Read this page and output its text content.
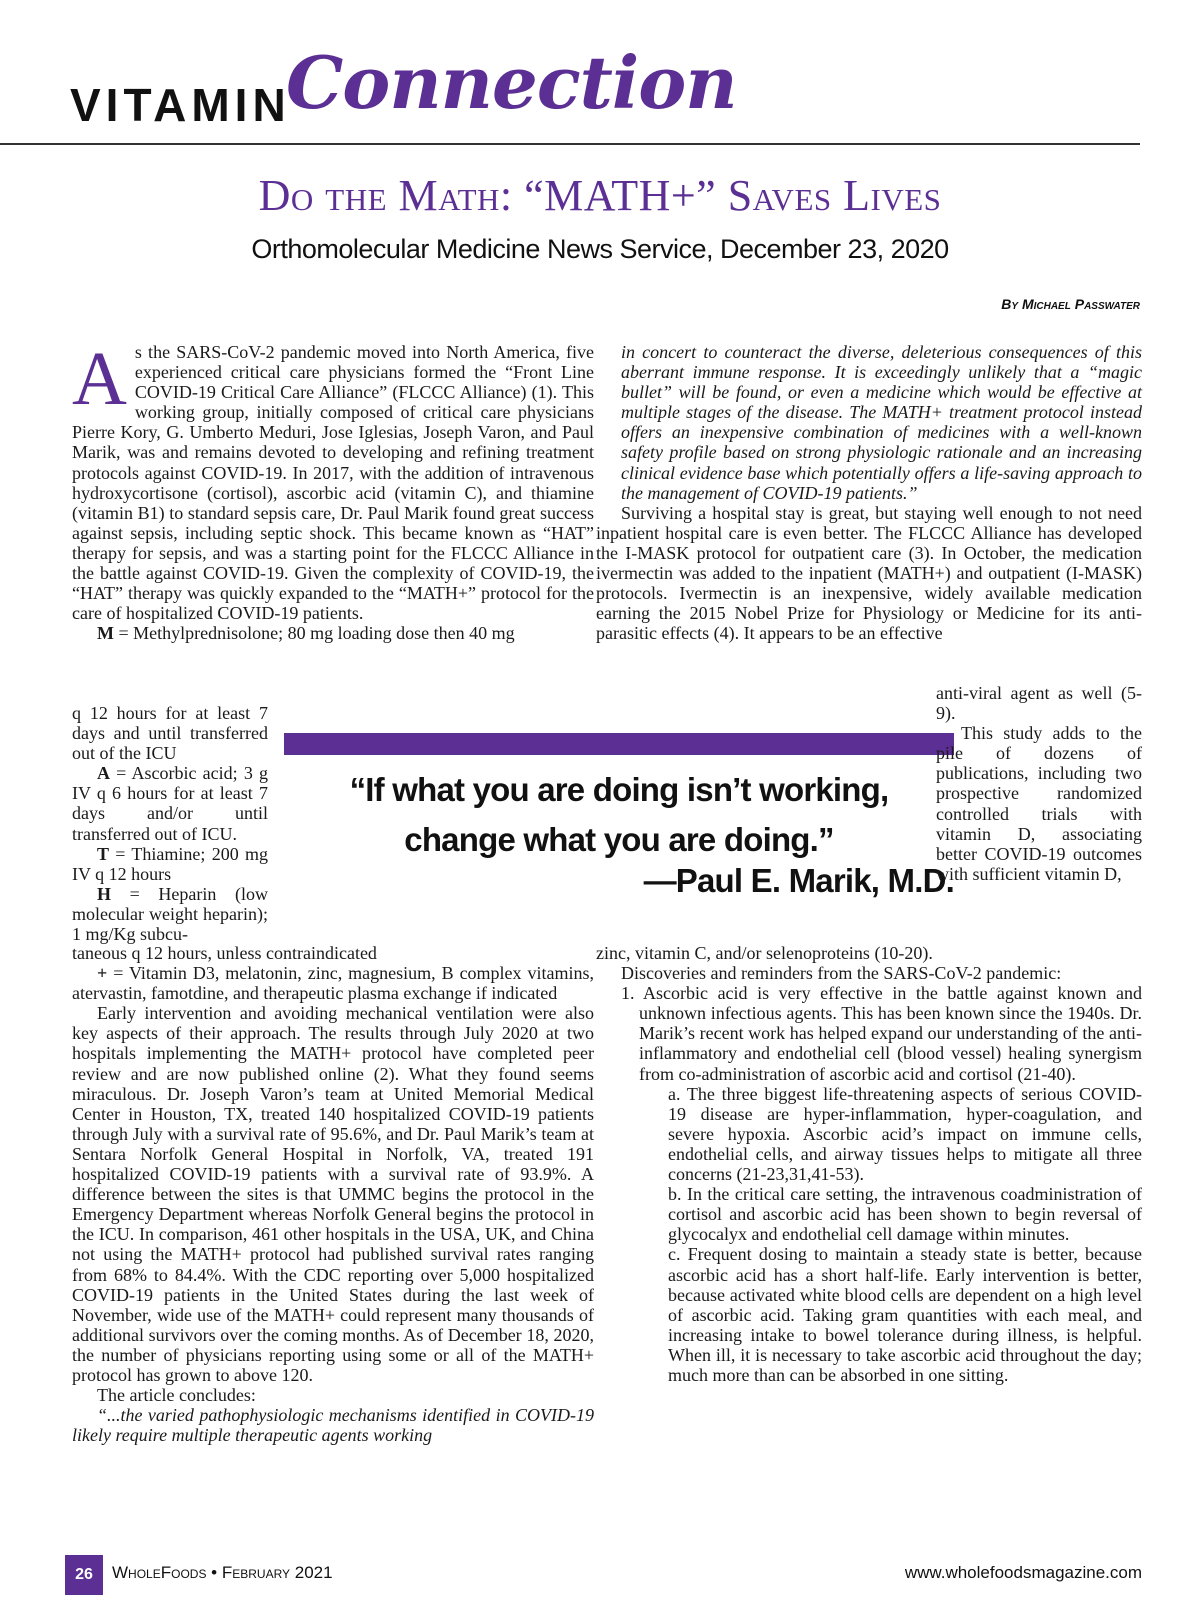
VITAMIN
Connection
Do the Math: “MATH+” Saves Lives
Orthomolecular Medicine News Service, December 23, 2020
By Michael Passwater

As the SARS-CoV-2 pandemic moved into North America, five experienced critical care physicians formed the “Front Line COVID-19 Critical Care Alliance” (FLCCC Alliance) (1). This working group, initially composed of critical care physicians Pierre Kory, G. Umberto Meduri, Jose Iglesias, Joseph Varon, and Paul Marik, was and remains devoted to developing and refining treatment protocols against COVID-19. In 2017, with the addition of intravenous hydroxycortisone (cortisol), ascorbic acid (vitamin C), and thiamine (vitamin B1) to standard sepsis care, Dr. Paul Marik found great success against sepsis, including septic shock. This became known as “HAT” therapy for sepsis, and was a starting point for the FLCCC Alliance in the battle against COVID-19. Given the complexity of COVID-19, the “HAT” therapy was quickly expanded to the “MATH+” protocol for the care of hospitalized COVID-19 patients.

M = Methylprednisolone; 80 mg loading dose then 40 mg

q 12 hours for at least 7 days and until transferred out of the ICU

A = Ascorbic acid; 3 g IV q 6 hours for at least 7 days and/or until transferred out of ICU.

T = Thiamine; 200 mg IV q 12 hours

H = Heparin (low molecular weight heparin); 1 mg/Kg subcu-

“If what you are doing isn’t working,
change what you are doing.”
—Paul E. Marik, M.D.

taneous q 12 hours, unless contraindicated

+ = Vitamin D3, melatonin, zinc, magnesium, B complex vitamins, atervastin, famotdine, and therapeutic plasma exchange if indicated

Early intervention and avoiding mechanical ventilation were also key aspects of their approach. The results through July 2020 at two hospitals implementing the MATH+ protocol have completed peer review and are now published online (2). What they found seems miraculous. Dr. Joseph Varon’s team at United Memorial Medical Center in Houston, TX, treated 140 hospitalized COVID-19 patients through July with a survival rate of 95.6%, and Dr. Paul Marik’s team at Sentara Norfolk General Hospital in Norfolk, VA, treated 191 hospitalized COVID-19 patients with a survival rate of 93.9%. A difference between the sites is that UMMC begins the protocol in the Emergency Department whereas Norfolk General begins the protocol in the ICU. In comparison, 461 other hospitals in the USA, UK, and China not using the MATH+ protocol had published survival rates ranging from 68% to 84.4%. With the CDC reporting over 5,000 hospitalized COVID-19 patients in the United States during the last week of November, wide use of the MATH+ could represent many thousands of additional survivors over the coming months. As of December 18, 2020, the number of physicians reporting using some or all of the MATH+ protocol has grown to above 120.

The article concludes:

“...the varied pathophysiologic mechanisms identified in COVID-19 likely require multiple therapeutic agents working

in concert to counteract the diverse, deleterious consequences of this aberrant immune response. It is exceedingly unlikely that a “magic bullet” will be found, or even a medicine which would be effective at multiple stages of the disease. The MATH+ treatment protocol instead offers an inexpensive combination of medicines with a well-known safety profile based on strong physiologic rationale and an increasing clinical evidence base which potentially offers a life-saving approach to the management of COVID-19 patients.”

Surviving a hospital stay is great, but staying well enough to not need inpatient hospital care is even better. The FLCCC Alliance has developed the I-MASK protocol for outpatient care (3). In October, the medication ivermectin was added to the inpatient (MATH+) and outpatient (I-MASK) protocols. Ivermectin is an inexpensive, widely available medication earning the 2015 Nobel Prize for Physiology or Medicine for its anti-parasitic effects (4). It appears to be an effective

anti-viral agent as well (5-9).

This study adds to the pile of dozens of publications, including two prospective randomized controlled trials with vitamin D, associating better COVID-19 outcomes with sufficient vitamin D,

zinc, vitamin C, and/or selenoproteins (10-20).

Discoveries and reminders from the SARS-CoV-2 pandemic:

1. Ascorbic acid is very effective in the battle against known and unknown infectious agents. This has been known since the 1940s. Dr. Marik’s recent work has helped expand our understanding of the anti-inflammatory and endothelial cell (blood vessel) healing synergism from co-administration of ascorbic acid and cortisol (21-40).

a. The three biggest life-threatening aspects of serious COVID-19 disease are hyper-inflammation, hyper-coagulation, and severe hypoxia. Ascorbic acid’s impact on immune cells, endothelial cells, and airway tissues helps to mitigate all three concerns (21-23,31,41-53).

b. In the critical care setting, the intravenous coadministration of cortisol and ascorbic acid has been shown to begin reversal of glycocalyx and endothelial cell damage within minutes.

c. Frequent dosing to maintain a steady state is better, because ascorbic acid has a short half-life. Early intervention is better, because activated white blood cells are dependent on a high level of ascorbic acid. Taking gram quantities with each meal, and increasing intake to bowel tolerance during illness, is helpful. When ill, it is necessary to take ascorbic acid throughout the day; much more than can be absorbed in one sitting.

26	WholeFoods • February 2021	www.wholefoodsmagazine.com
